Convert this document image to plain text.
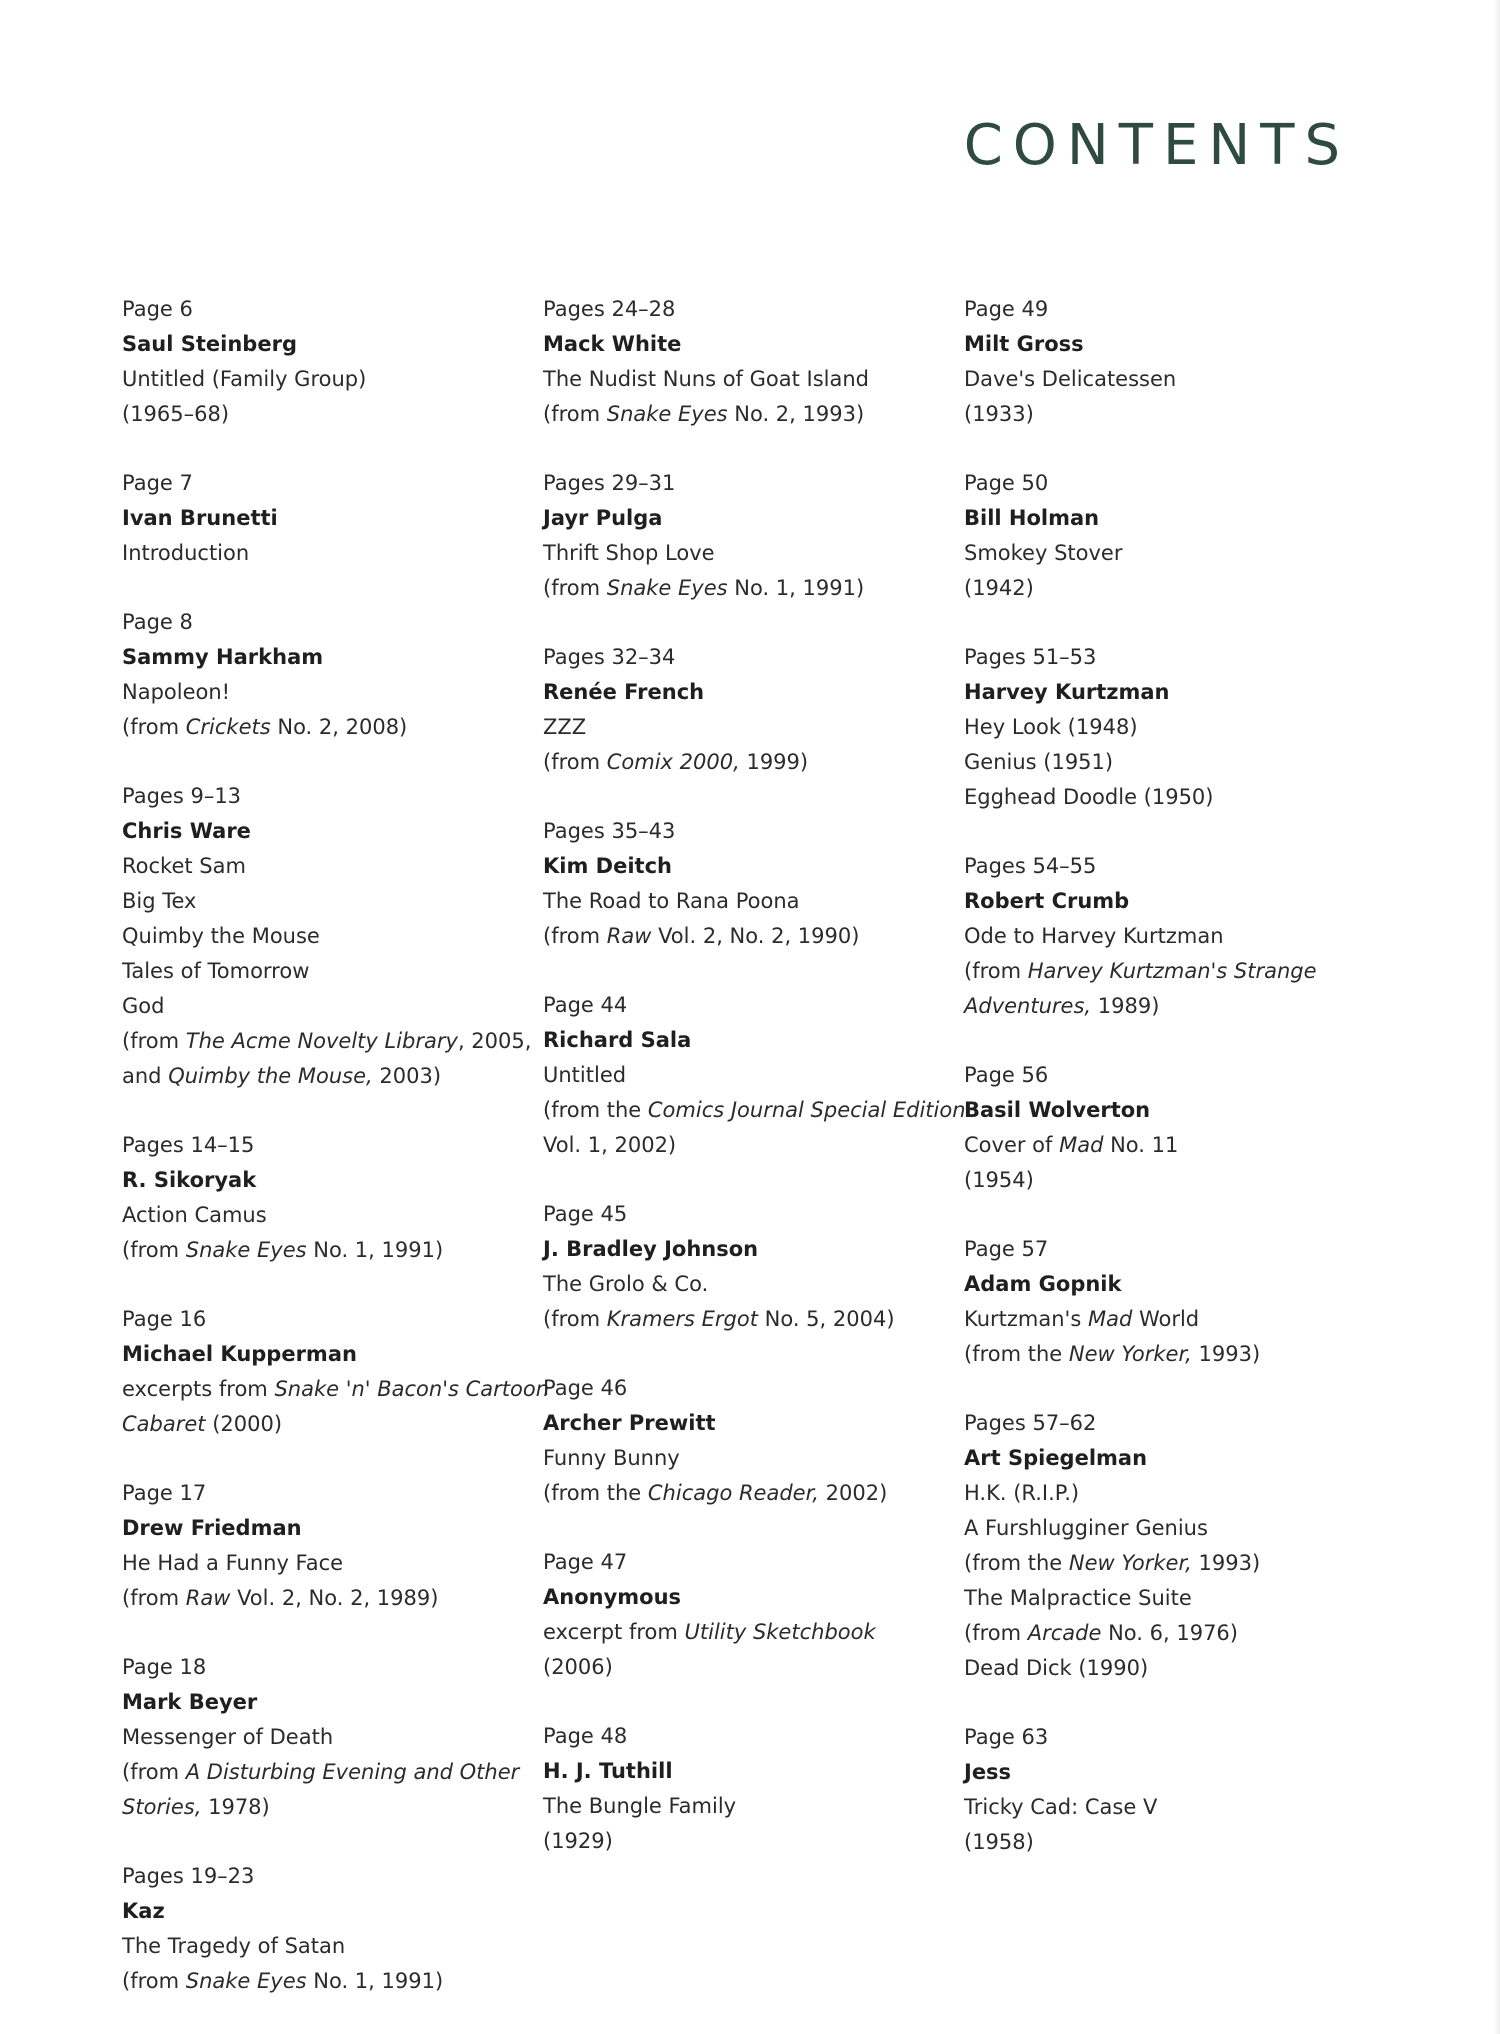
CONTENTS
Page 6
Saul Steinberg
Untitled (Family Group)
(1965–68)
Page 7
Ivan Brunetti
Introduction
Page 8
Sammy Harkham
Napoleon!
(from Crickets No. 2, 2008)
Pages 9–13
Chris Ware
Rocket Sam
Big Tex
Quimby the Mouse
Tales of Tomorrow
God
(from The Acme Novelty Library, 2005,
and Quimby the Mouse, 2003)
Pages 14–15
R. Sikoryak
Action Camus
(from Snake Eyes No. 1, 1991)
Page 16
Michael Kupperman
excerpts from Snake 'n' Bacon's Cartoon
Cabaret (2000)
Page 17
Drew Friedman
He Had a Funny Face
(from Raw Vol. 2, No. 2, 1989)
Page 18
Mark Beyer
Messenger of Death
(from A Disturbing Evening and Other
Stories, 1978)
Pages 19–23
Kaz
The Tragedy of Satan
(from Snake Eyes No. 1, 1991)
Pages 24–28
Mack White
The Nudist Nuns of Goat Island
(from Snake Eyes No. 2, 1993)
Pages 29–31
Jayr Pulga
Thrift Shop Love
(from Snake Eyes No. 1, 1991)
Pages 32–34
Renée French
ZZZ
(from Comix 2000, 1999)
Pages 35–43
Kim Deitch
The Road to Rana Poona
(from Raw Vol. 2, No. 2, 1990)
Page 44
Richard Sala
Untitled
(from the Comics Journal Special Edition
Vol. 1, 2002)
Page 45
J. Bradley Johnson
The Grolo & Co.
(from Kramers Ergot No. 5, 2004)
Page 46
Archer Prewitt
Funny Bunny
(from the Chicago Reader, 2002)
Page 47
Anonymous
excerpt from Utility Sketchbook
(2006)
Page 48
H. J. Tuthill
The Bungle Family
(1929)
Page 49
Milt Gross
Dave's Delicatessen
(1933)
Page 50
Bill Holman
Smokey Stover
(1942)
Pages 51–53
Harvey Kurtzman
Hey Look (1948)
Genius (1951)
Egghead Doodle (1950)
Pages 54–55
Robert Crumb
Ode to Harvey Kurtzman
(from Harvey Kurtzman's Strange
Adventures, 1989)
Page 56
Basil Wolverton
Cover of Mad No. 11
(1954)
Page 57
Adam Gopnik
Kurtzman's Mad World
(from the New Yorker, 1993)
Pages 57–62
Art Spiegelman
H.K. (R.I.P.)
A Furshlugginer Genius
(from the New Yorker, 1993)
The Malpractice Suite
(from Arcade No. 6, 1976)
Dead Dick (1990)
Page 63
Jess
Tricky Cad: Case V
(1958)
